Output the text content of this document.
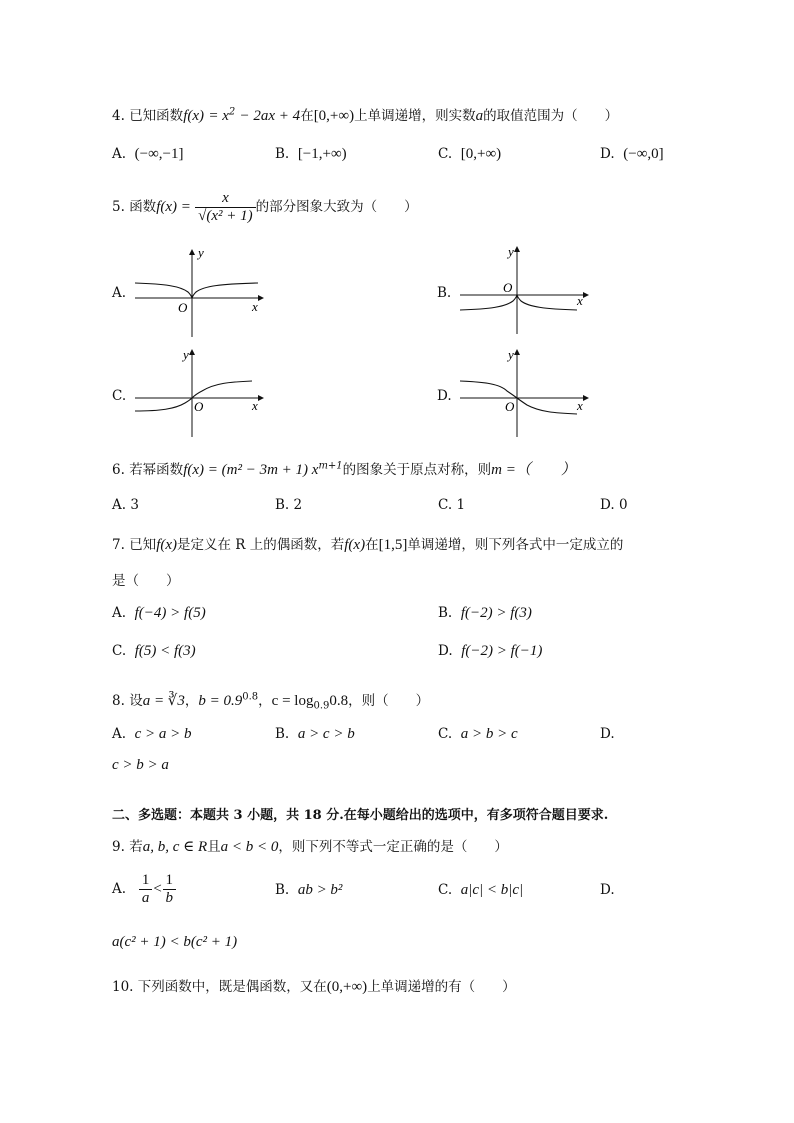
4. 已知函数$f(x) = x^2 - 2ax + 4$在[0,+∞)上单调递增，则实数a的取值范围为（　　）
A. (−∞,−1]	B. [−1,+∞)	C. [0,+∞)	D. (−∞,0]
5. 函数$f(x) = \frac{x}{\text{√(x² + 1)}}$ 的部分图象大致为（　　）
A.
y
x
O
B.
y
x
O
C.
y
x
O
D.
y
x
O
6. 若幂函数f(x) = (m² − 3m + 1) $x^{m+1}$的图象关于原点对称，则m =（　　）
A. 3	B. 2	C. 1	D. 0
7. 已知f(x)是定义在 R 上的偶函数，若f(x)在[1,5]单调递增，则下列各式中一定成立的
是（　　）
A. f(−4) > f(5)	B. f(−2) > f(3)
C. f(5) < f(3)	D. f(−2) > f(−1)
8. 设a = ∛3，$b = 0.9^{0.8}$，$c = \log_{0.9}0.8$，则（　　）
A. c > a > b	B. a > c > b	C. a > b > c	D.
c > b > a
二、多选题：本题共 3 小题，共 18 分.在每小题给出的选项中，有多项符合题目要求.
9. 若a, b, c ∈ R且a < b < 0，则下列不等式一定正确的是（　　）
A. $\frac{1}{a} < \frac{1}{b}$	B. ab > b²	C. a|c| < b|c|	D.
a(c² + 1) < b(c² + 1)
10. 下列函数中，既是偶函数，又在(0,+∞)上单调递增的有（　　）
